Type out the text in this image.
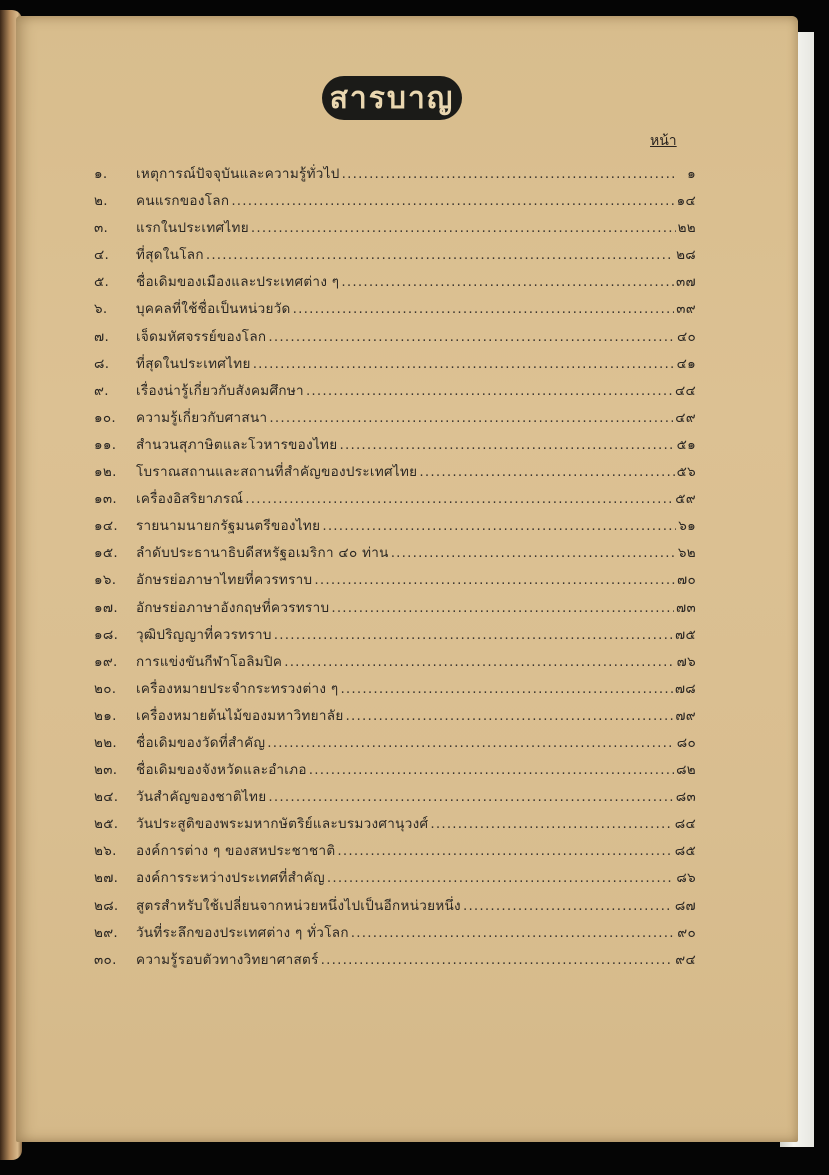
สารบาญ
หน้า
๑.	เหตุการณ์ปัจจุบันและความรู้ทั่วไป .....	๑
๒.	คนแรกของโลก .....	๑๔
๓.	แรกในประเทศไทย .....	๒๒
๔.	ที่สุดในโลก .....	๒๘
๕.	ชื่อเดิมของเมืองและประเทศต่าง ๆ .....	๓๗
๖.	บุคคลที่ใช้ชื่อเป็นหน่วยวัด .....	๓๙
๗.	เจ็ดมหัศจรรย์ของโลก .....	๔๐
๘.	ที่สุดในประเทศไทย .....	๔๑
๙.	เรื่องน่ารู้เกี่ยวกับสังคมศึกษา .....	๔๔
๑๐.	ความรู้เกี่ยวกับศาสนา .....	๔๙
๑๑.	สำนวนสุภาษิตและโวหารของไทย .....	๕๑
๑๒.	โบราณสถานและสถานที่สำคัญของประเทศไทย .....	๕๖
๑๓.	เครื่องอิสริยาภรณ์ .....	๕๙
๑๔.	รายนามนายกรัฐมนตรีของไทย .....	๖๑
๑๕.	ลำดับประธานาธิบดีสหรัฐอเมริกา ๔๐ ท่าน .....	๖๒
๑๖.	อักษรย่อภาษาไทยที่ควรทราบ .....	๗๐
๑๗.	อักษรย่อภาษาอังกฤษที่ควรทราบ .....	๗๓
๑๘.	วุฒิปริญญาที่ควรทราบ .....	๗๕
๑๙.	การแข่งขันกีฬาโอลิมปิค .....	๗๖
๒๐.	เครื่องหมายประจำกระทรวงต่าง ๆ .....	๗๘
๒๑.	เครื่องหมายต้นไม้ของมหาวิทยาลัย .....	๗๙
๒๒.	ชื่อเดิมของวัดที่สำคัญ .....	๘๐
๒๓.	ชื่อเดิมของจังหวัดและอำเภอ .....	๘๒
๒๔.	วันสำคัญของชาติไทย .....	๘๓
๒๕.	วันประสูติของพระมหากษัตริย์และบรมวงศานุวงศ์ .....	๘๔
๒๖.	องค์การต่าง ๆ ของสหประชาชาติ .....	๘๕
๒๗.	องค์การระหว่างประเทศที่สำคัญ .....	๘๖
๒๘.	สูตรสำหรับใช้เปลี่ยนจากหน่วยหนึ่งไปเป็นอีกหน่วยหนึ่ง .....	๘๗
๒๙.	วันที่ระลึกของประเทศต่าง ๆ ทั่วโลก .....	๙๐
๓๐.	ความรู้รอบตัวทางวิทยาศาสตร์ .....	๙๔
